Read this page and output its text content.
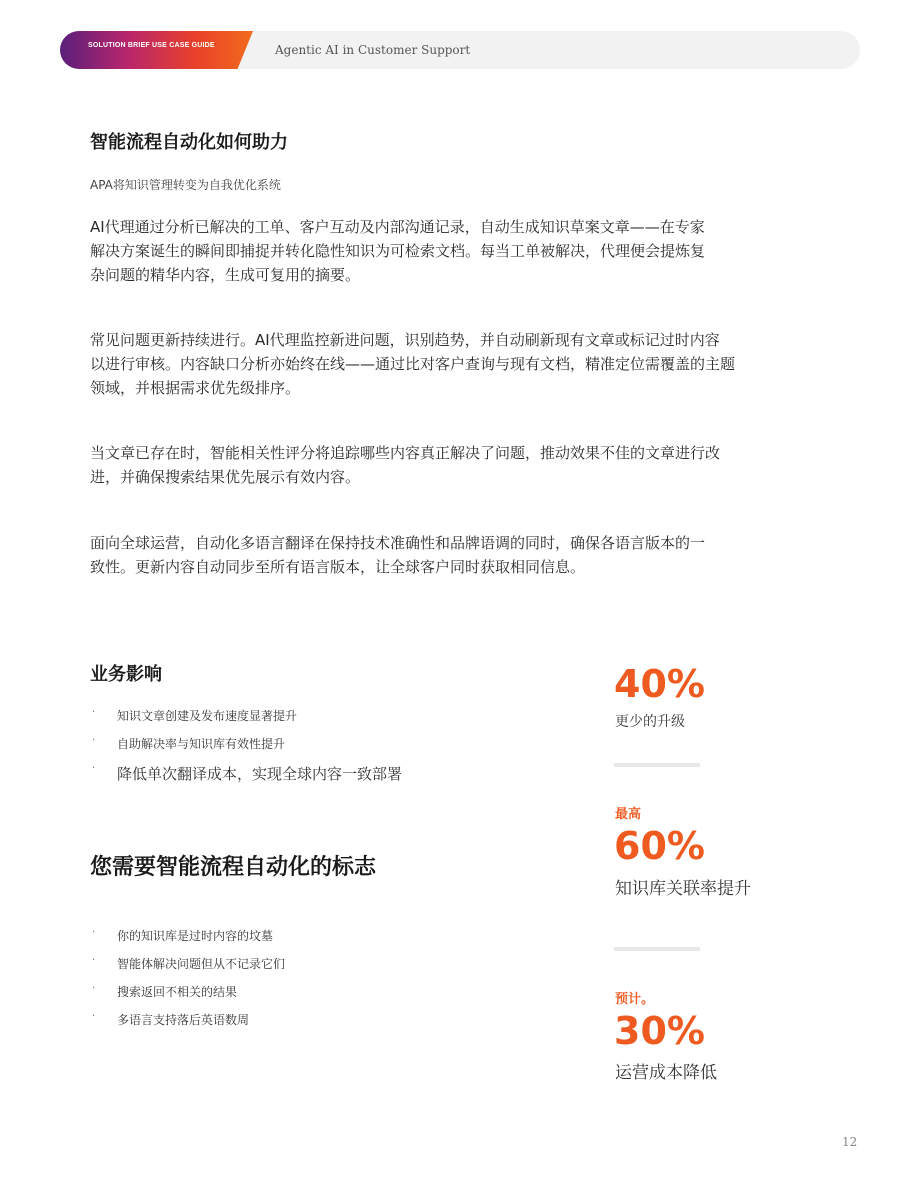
SOLUTION BRIEF USE CASE GUIDE	Agentic AI in Customer Support
智能流程自动化如何助力
APA将知识管理转变为自我优化系统
AI代理通过分析已解决的工单、客户互动及内部沟通记录，自动生成知识草案文章——在专家
解决方案诞生的瞬间即捕捉并转化隐性知识为可检索文档。每当工单被解决，代理便会提炼复
杂问题的精华内容，生成可复用的摘要。
常见问题更新持续进行。AI代理监控新进问题，识别趋势，并自动刷新现有文章或标记过时内容
以进行审核。内容缺口分析亦始终在线——通过比对客户查询与现有文档，精准定位需覆盖的主题
领域，并根据需求优先级排序。
当文章已存在时，智能相关性评分将追踪哪些内容真正解决了问题，推动效果不佳的文章进行改
进，并确保搜索结果优先展示有效内容。
面向全球运营，自动化多语言翻译在保持技术准确性和品牌语调的同时，确保各语言版本的一
致性。更新内容自动同步至所有语言版本，让全球客户同时获取相同信息。
业务影响
· 知识文章创建及发布速度显著提升
· 自助解决率与知识库有效性提升
· 降低单次翻译成本，实现全球内容一致部署
您需要智能流程自动化的标志
· 你的知识库是过时内容的坟墓
· 智能体解决问题但从不记录它们
· 搜索返回不相关的结果
· 多语言支持落后英语数周
40%
更少的升级
最高
60%
知识库关联率提升
预计。
30%
运营成本降低
12
